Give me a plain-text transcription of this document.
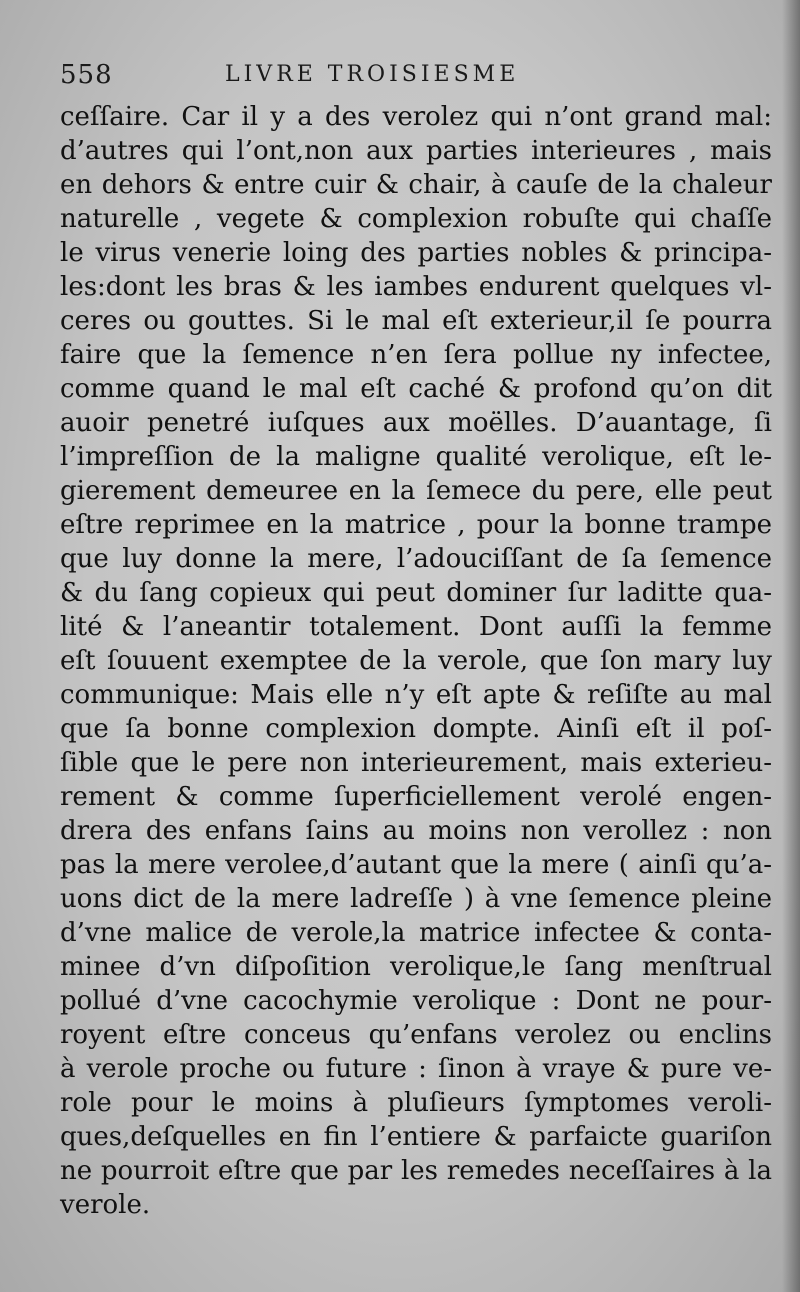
558	LIVRE TROISIESME
ceſſaire. Car il y a des verolez qui n’ont grand mal:
d’autres qui l’ont,non aux parties interieures , mais
en dehors & entre cuir & chair, à cauſe de la chaleur
naturelle , vegete & complexion robuſte qui chaſſe
le virus venerie loing des parties nobles & principa-
les:dont les bras & les iambes endurent quelques vl-
ceres ou gouttes. Si le mal eſt exterieur,il ſe pourra
faire que la ſemence n’en ſera pollue ny infectee,
comme quand le mal eſt caché & profond qu’on dit
auoir penetré iuſques aux moëlles. D’auantage, ſi
l’impreſſion de la maligne qualité verolique, eſt le-
gierement demeuree en la ſemece du pere, elle peut
eſtre reprimee en la matrice , pour la bonne trampe
que luy donne la mere, l’adouciſſant de ſa ſemence
& du ſang copieux qui peut dominer ſur laditte qua-
lité & l’aneantir totalement. Dont auſſi la femme
eſt ſouuent exemptee de la verole, que ſon mary luy
communique: Mais elle n’y eſt apte & reſiſte au mal
que ſa bonne complexion dompte. Ainſi eſt il poſ-
ſible que le pere non interieurement, mais exterieu-
rement & comme ſuperficiellement verolé engen-
drera des enfans ſains au moins non verollez : non
pas la mere verolee,d’autant que la mere ( ainſi qu’a-
uons dict de la mere ladreſſe ) à vne ſemence pleine
d’vne malice de verole,la matrice infectee & conta-
minee d’vn diſpoſition verolique,le ſang menſtrual
pollué d’vne cacochymie verolique : Dont ne pour-
royent eſtre conceus qu’enfans verolez ou enclins
à verole proche ou future : ſinon à vraye & pure ve-
role pour le moins à pluſieurs ſymptomes veroli-
ques,deſquelles en fin l’entiere & parfaicte guariſon
ne pourroit eſtre que par les remedes neceſſaires à la
verole.
